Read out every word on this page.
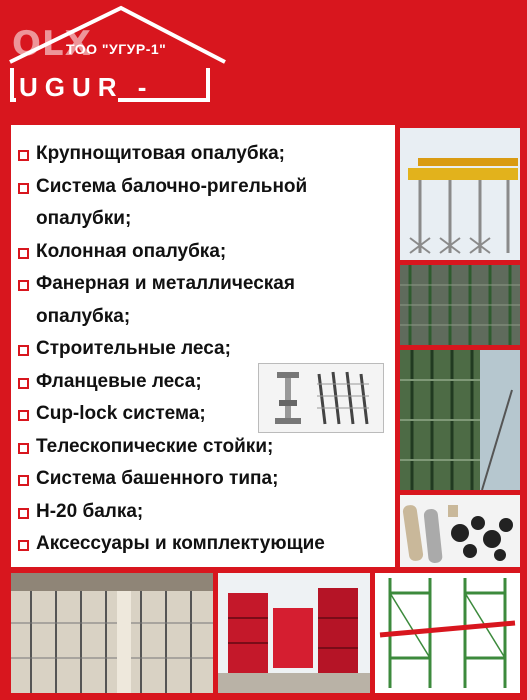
OLX
ТОО "УГУР-1"
UGUR -
Крупнощитовая опалубка;
Система балочно-ригельной опалубки;
Колонная опалубка;
Фанерная и металлическая опалубка;
Строительные леса;
Фланцевые леса;
Cup-lock система;
Телескопические стойки;
Система башенного типа;
Н-20 балка;
Аксессуары и комплектующие
